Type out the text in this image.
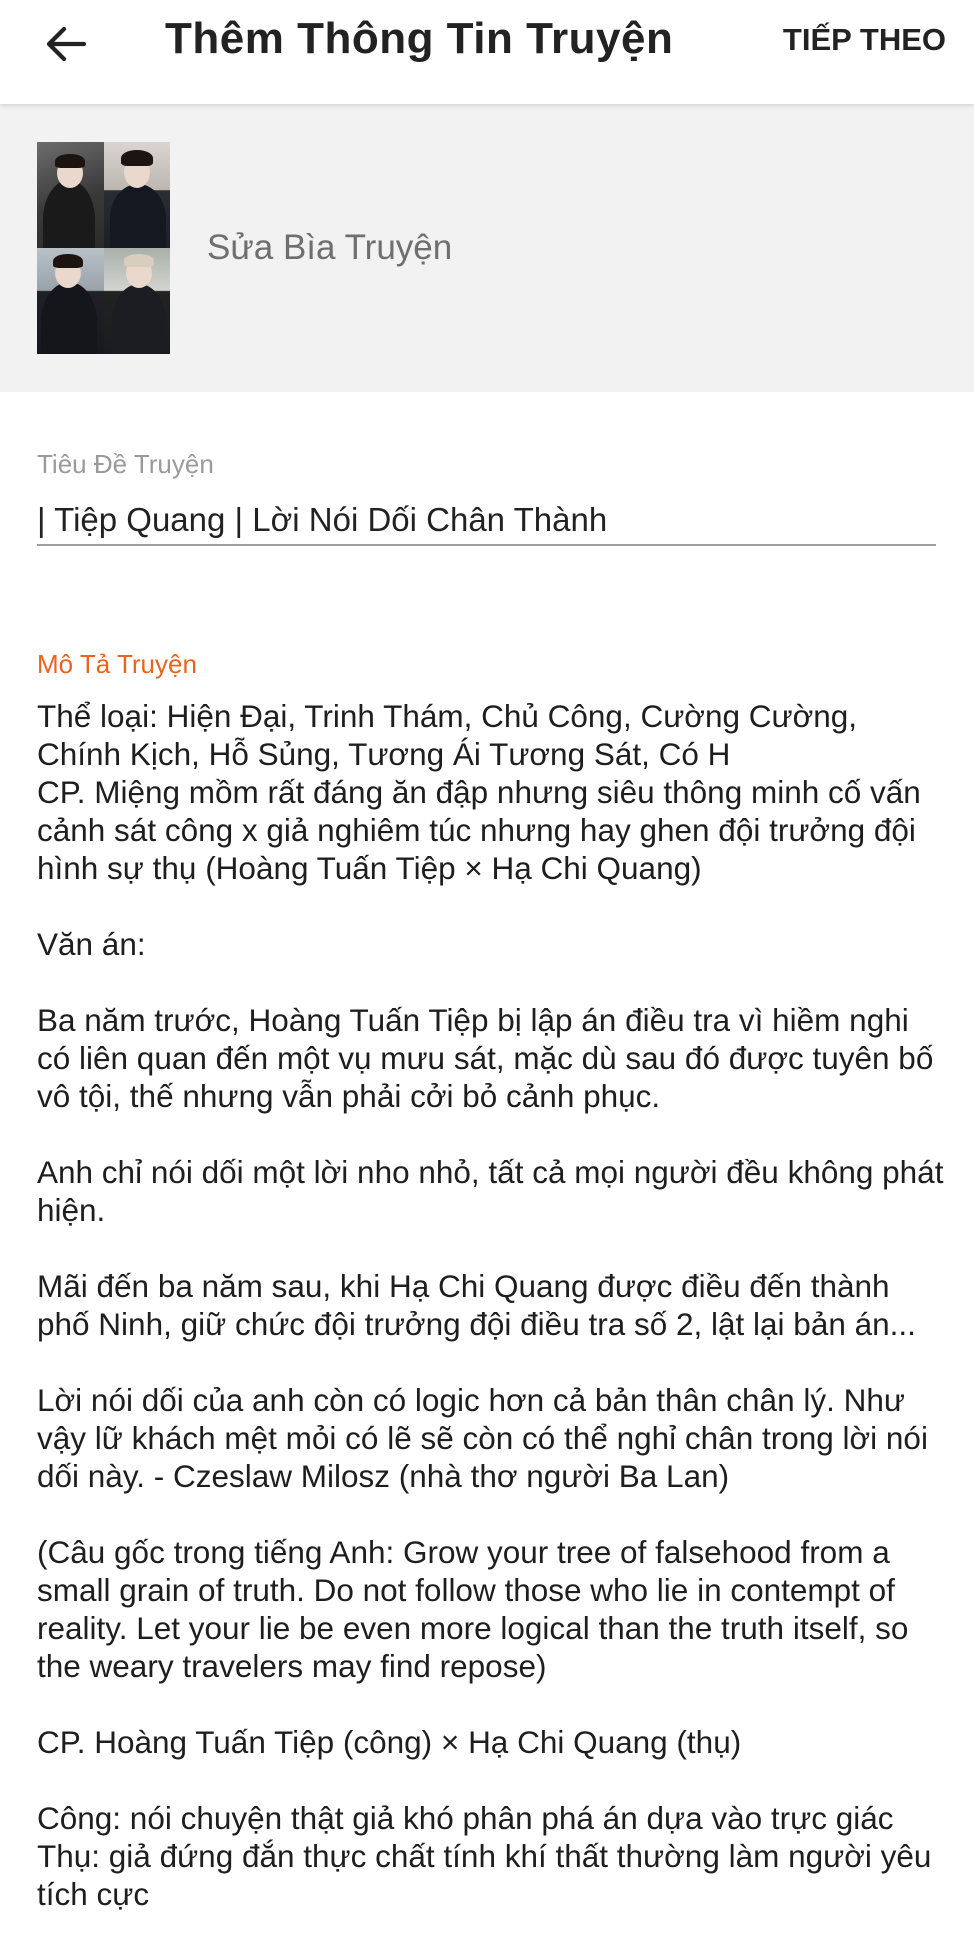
Thêm Thông Tin Truyện	TIẾP THEO
Sửa Bìa Truyện
Tiêu Đề Truyện
| Tiệp Quang | Lời Nói Dối Chân Thành
Mô Tả Truyện

Thể loại: Hiện Đại, Trinh Thám, Chủ Công, Cường Cường, Chính Kịch, Hỗ Sủng, Tương Ái Tương Sát, Có H
CP. Miệng mồm rất đáng ăn đập nhưng siêu thông minh cố vấn cảnh sát công x giả nghiêm túc nhưng hay ghen đội trưởng đội hình sự thụ (Hoàng Tuấn Tiệp × Hạ Chi Quang)

Văn án:

Ba năm trước, Hoàng Tuấn Tiệp bị lập án điều tra vì hiềm nghi có liên quan đến một vụ mưu sát, mặc dù sau đó được tuyên bố vô tội, thế nhưng vẫn phải cởi bỏ cảnh phục.

Anh chỉ nói dối một lời nho nhỏ, tất cả mọi người đều không phát hiện.

Mãi đến ba năm sau, khi Hạ Chi Quang được điều đến thành phố Ninh, giữ chức đội trưởng đội điều tra số 2, lật lại bản án...

Lời nói dối của anh còn có logic hơn cả bản thân chân lý. Như vậy lữ khách mệt mỏi có lẽ sẽ còn có thể nghỉ chân trong lời nói dối này. - Czeslaw Milosz (nhà thơ người Ba Lan)

(Câu gốc trong tiếng Anh: Grow your tree of falsehood from a small grain of truth. Do not follow those who lie in contempt of reality. Let your lie be even more logical than the truth itself, so the weary travelers may find repose)

CP. Hoàng Tuấn Tiệp (công) × Hạ Chi Quang (thụ)

Công: nói chuyện thật giả khó phân phá án dựa vào trực giác
Thụ: giả đứng đắn thực chất tính khí thất thường làm người yêu tích cực
